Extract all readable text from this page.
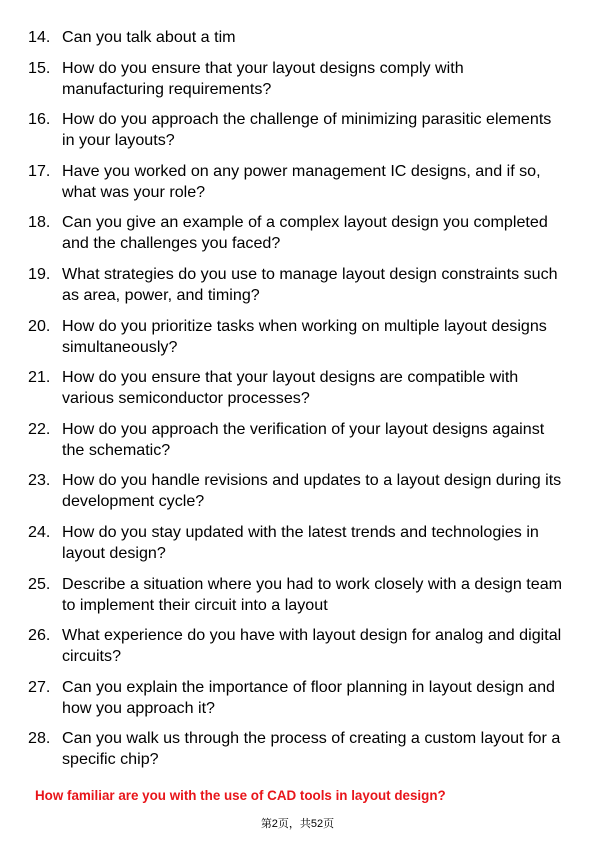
14. Can you talk about a tim
15. How do you ensure that your layout designs comply with manufacturing requirements?
16. How do you approach the challenge of minimizing parasitic elements in your layouts?
17. Have you worked on any power management IC designs, and if so, what was your role?
18. Can you give an example of a complex layout design you completed and the challenges you faced?
19. What strategies do you use to manage layout design constraints such as area, power, and timing?
20. How do you prioritize tasks when working on multiple layout designs simultaneously?
21. How do you ensure that your layout designs are compatible with various semiconductor processes?
22. How do you approach the verification of your layout designs against the schematic?
23. How do you handle revisions and updates to a layout design during its development cycle?
24. How do you stay updated with the latest trends and technologies in layout design?
25. Describe a situation where you had to work closely with a design team to implement their circuit into a layout
26. What experience do you have with layout design for analog and digital circuits?
27. Can you explain the importance of floor planning in layout design and how you approach it?
28. Can you walk us through the process of creating a custom layout for a specific chip?
How familiar are you with the use of CAD tools in layout design?
第2页，共52页
